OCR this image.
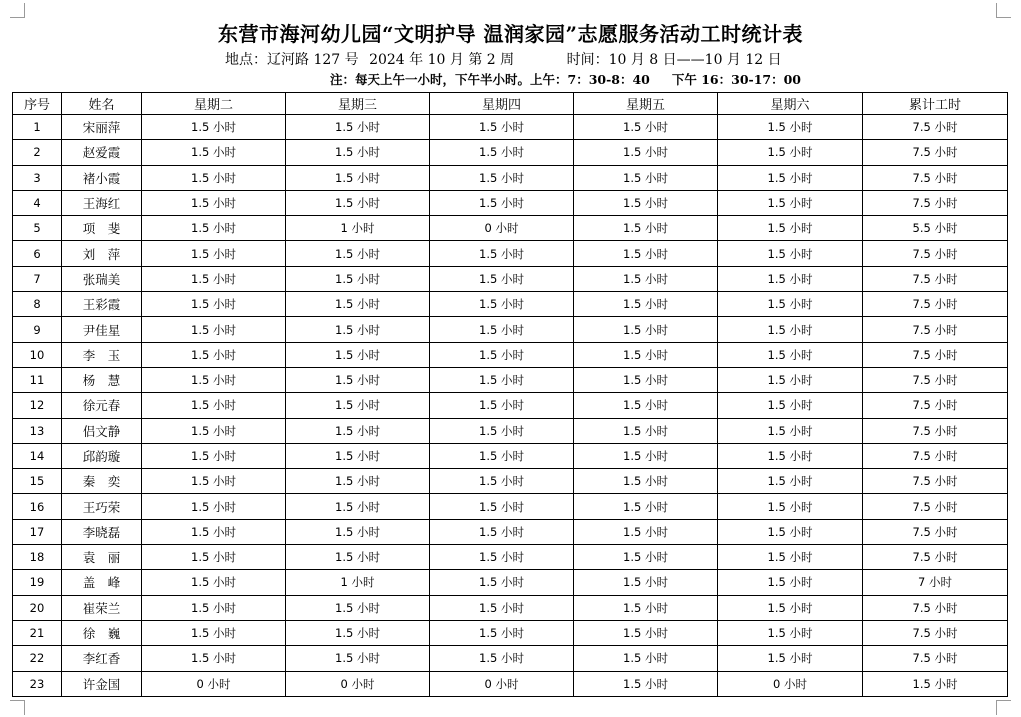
东营市海河幼儿园“文明护导 温润家园”志愿服务活动工时统计表
地点：辽河路 127 号 2024 年 10 月 第 2 周	时间：10 月 8 日——10 月 12 日
注：每天上午一小时，下午半小时。上午：7：30-8：40 下午 16：30-17：00
序号	姓名	星期二	星期三	星期四	星期五	星期六	累计工时
1	宋丽萍	1.5 小时	1.5 小时	1.5 小时	1.5 小时	1.5 小时	7.5 小时
2	赵爱霞	1.5 小时	1.5 小时	1.5 小时	1.5 小时	1.5 小时	7.5 小时
3	褚小霞	1.5 小时	1.5 小时	1.5 小时	1.5 小时	1.5 小时	7.5 小时
4	王海红	1.5 小时	1.5 小时	1.5 小时	1.5 小时	1.5 小时	7.5 小时
5	项　斐	1.5 小时	1 小时	0 小时	1.5 小时	1.5 小时	5.5 小时
6	刘　萍	1.5 小时	1.5 小时	1.5 小时	1.5 小时	1.5 小时	7.5 小时
7	张瑞美	1.5 小时	1.5 小时	1.5 小时	1.5 小时	1.5 小时	7.5 小时
8	王彩霞	1.5 小时	1.5 小时	1.5 小时	1.5 小时	1.5 小时	7.5 小时
9	尹佳星	1.5 小时	1.5 小时	1.5 小时	1.5 小时	1.5 小时	7.5 小时
10	李　玉	1.5 小时	1.5 小时	1.5 小时	1.5 小时	1.5 小时	7.5 小时
11	杨　慧	1.5 小时	1.5 小时	1.5 小时	1.5 小时	1.5 小时	7.5 小时
12	徐元春	1.5 小时	1.5 小时	1.5 小时	1.5 小时	1.5 小时	7.5 小时
13	侣文静	1.5 小时	1.5 小时	1.5 小时	1.5 小时	1.5 小时	7.5 小时
14	邱韵璇	1.5 小时	1.5 小时	1.5 小时	1.5 小时	1.5 小时	7.5 小时
15	秦　奕	1.5 小时	1.5 小时	1.5 小时	1.5 小时	1.5 小时	7.5 小时
16	王巧荣	1.5 小时	1.5 小时	1.5 小时	1.5 小时	1.5 小时	7.5 小时
17	李晓磊	1.5 小时	1.5 小时	1.5 小时	1.5 小时	1.5 小时	7.5 小时
18	袁　丽	1.5 小时	1.5 小时	1.5 小时	1.5 小时	1.5 小时	7.5 小时
19	盖　峰	1.5 小时	1 小时	1.5 小时	1.5 小时	1.5 小时	7 小时
20	崔荣兰	1.5 小时	1.5 小时	1.5 小时	1.5 小时	1.5 小时	7.5 小时
21	徐　巍	1.5 小时	1.5 小时	1.5 小时	1.5 小时	1.5 小时	7.5 小时
22	李红香	1.5 小时	1.5 小时	1.5 小时	1.5 小时	1.5 小时	7.5 小时
23	许金国	0 小时	0 小时	0 小时	1.5 小时	0 小时	1.5 小时
